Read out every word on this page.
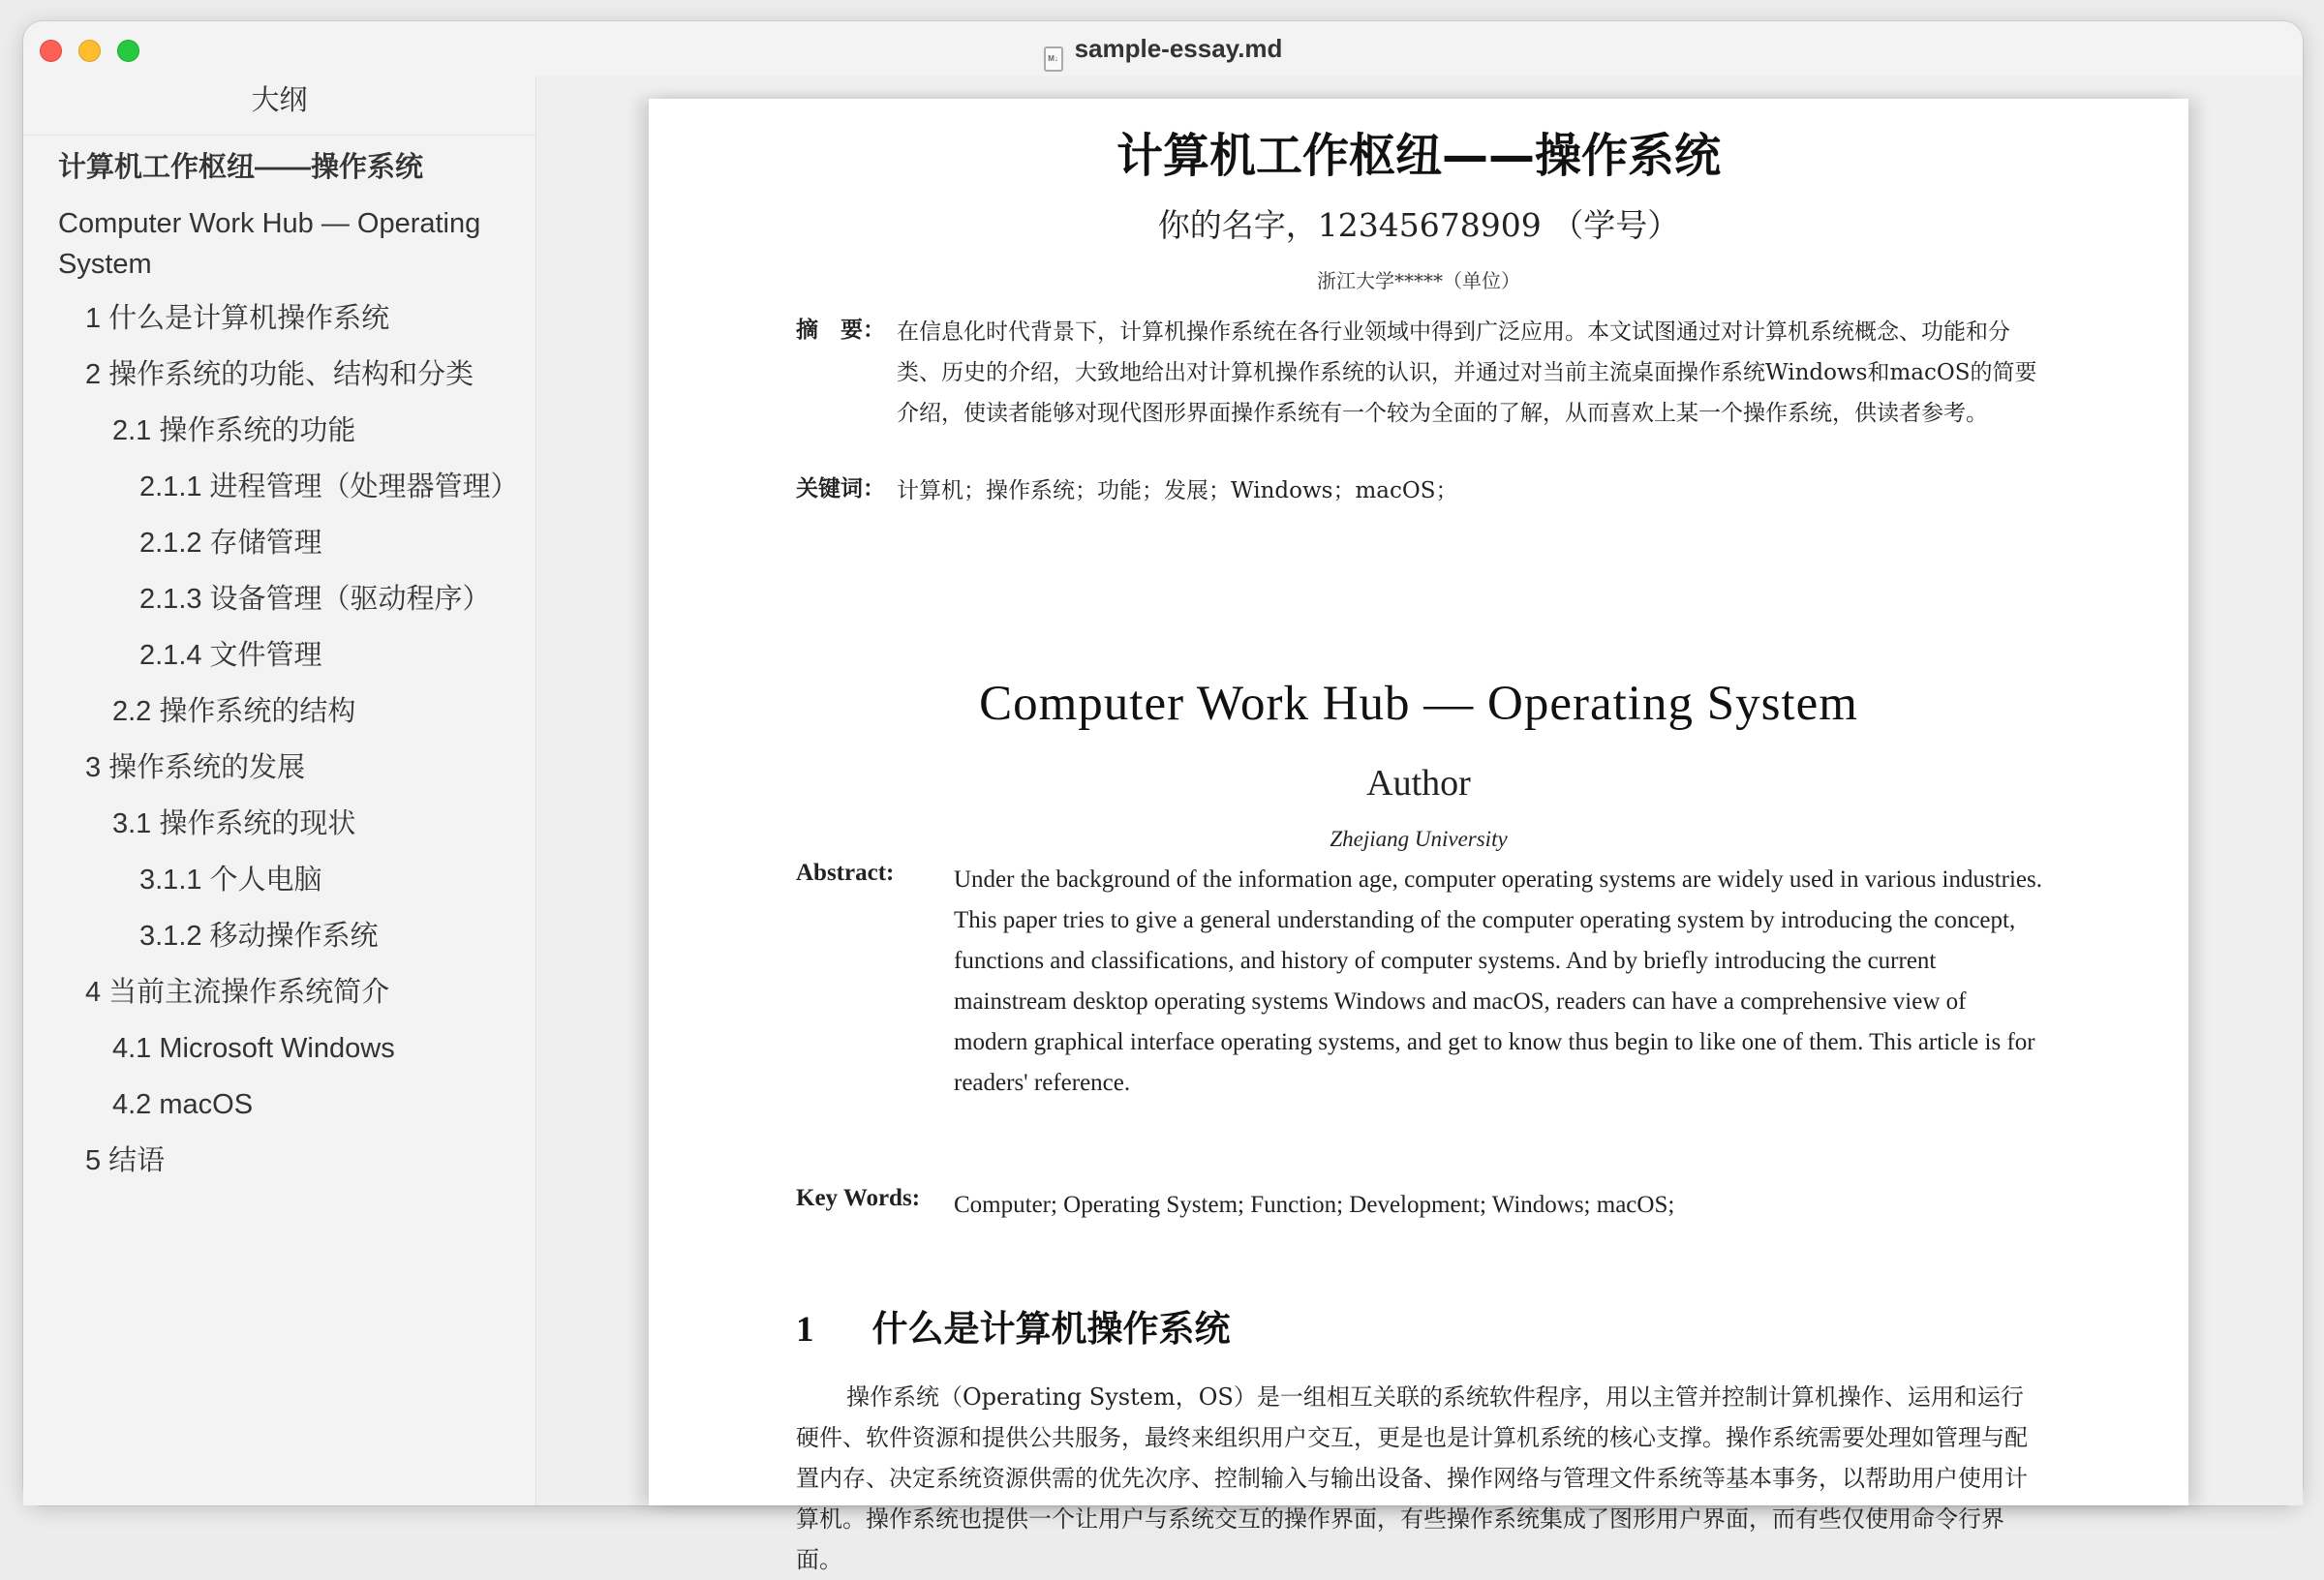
M↓ sample-essay.md
大纲
计算机工作枢纽——操作系统
Computer Work Hub — Operating System
1 什么是计算机操作系统
2 操作系统的功能、结构和分类
2.1 操作系统的功能
2.1.1 进程管理（处理器管理）
2.1.2 存储管理
2.1.3 设备管理（驱动程序）
2.1.4 文件管理
2.2 操作系统的结构
3 操作系统的发展
3.1 操作系统的现状
3.1.1 个人电脑
3.1.2 移动操作系统
4 当前主流操作系统简介
4.1 Microsoft Windows
4.2 macOS
5 结语
计算机工作枢纽——操作系统
你的名字，12345678909 （学号）
浙江大学*****（单位）
摘　要： 在信息化时代背景下，计算机操作系统在各行业领域中得到广泛应用。本文试图通过对计算机系统概念、功能和分类、历史的介绍，大致地给出对计算机操作系统的认识，并通过对当前主流桌面操作系统Windows和macOS的简要介绍，使读者能够对现代图形界面操作系统有一个较为全面的了解，从而喜欢上某一个操作系统，供读者参考。
关键词： 计算机；操作系统；功能；发展；Windows；macOS；
Computer Work Hub — Operating System
Author
Zhejiang University
Abstract: Under the background of the information age, computer operating systems are widely used in various industries. This paper tries to give a general understanding of the computer operating system by introducing the concept, functions and classifications, and history of computer systems. And by briefly introducing the current mainstream desktop operating systems Windows and macOS, readers can have a comprehensive view of modern graphical interface operating systems, and get to know thus begin to like one of them. This article is for readers' reference.
Key Words: Computer; Operating System; Function; Development; Windows; macOS;
1 什么是计算机操作系统
操作系统（Operating System，OS）是一组相互关联的系统软件程序，用以主管并控制计算机操作、运用和运行硬件、软件资源和提供公共服务，最终来组织用户交互，更是也是计算机系统的核心支撑。操作系统需要处理如管理与配置内存、决定系统资源供需的优先次序、控制输入与输出设备、操作网络与管理文件系统等基本事务，以帮助用户使用计算机。操作系统也提供一个让用户与系统交互的操作界面，有些操作系统集成了图形用户界面，而有些仅使用命令行界面。
